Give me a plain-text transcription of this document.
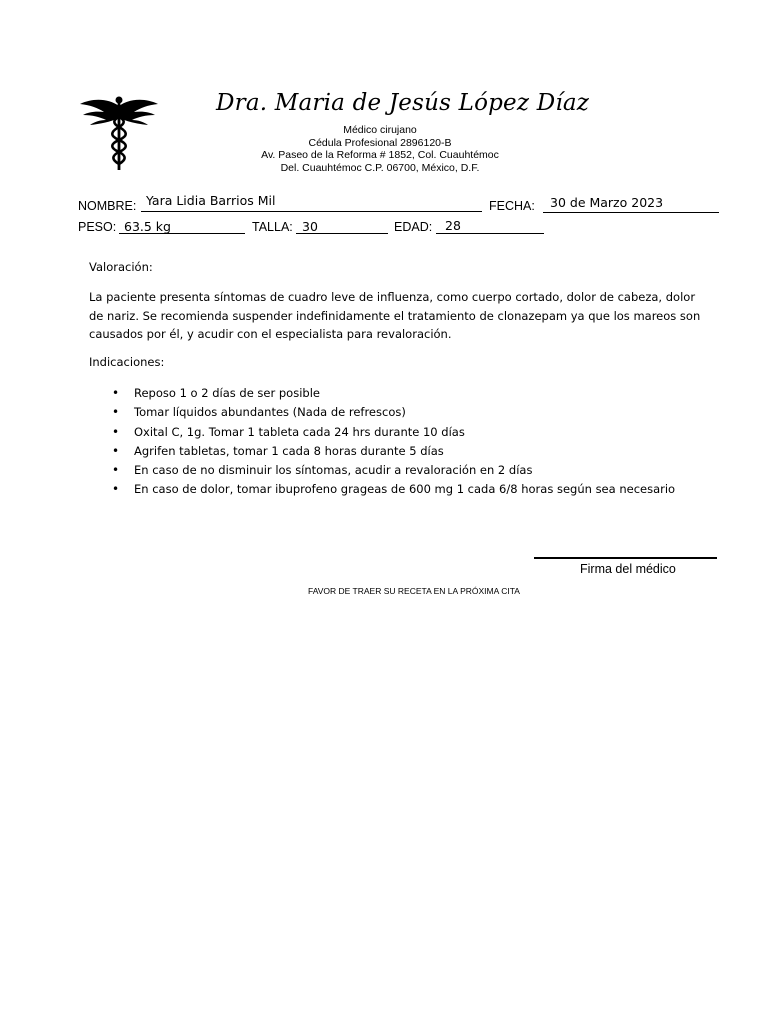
Dra. Maria de Jesús López Díaz
Médico cirujano
Cédula Profesional 2896120-B
Av. Paseo de la Reforma # 1852, Col. Cuauhtémoc
Del. Cuauhtémoc C.P. 06700, México, D.F.
NOMBRE: Yara Lidia Barrios Mil	FECHA: 30 de Marzo 2023
PESO: 63.5 kg	TALLA: 30	EDAD: 28
Valoración:
La paciente presenta síntomas de cuadro leve de influenza, como cuerpo cortado, dolor de cabeza, dolor de nariz. Se recomienda suspender indefinidamente el tratamiento de clonazepam ya que los mareos son causados por él, y acudir con el especialista para revaloración.
Indicaciones:
• Reposo 1 o 2 días de ser posible
• Tomar líquidos abundantes (Nada de refrescos)
• Oxital C, 1g. Tomar 1 tableta cada 24 hrs durante 10 días
• Agrifen tabletas, tomar 1 cada 8 horas durante 5 días
• En caso de no disminuir los síntomas, acudir a revaloración en 2 días
• En caso de dolor, tomar ibuprofeno grageas de 600 mg 1 cada 6/8 horas según sea necesario
Firma del médico
FAVOR DE TRAER SU RECETA EN LA PRÓXIMA CITA
